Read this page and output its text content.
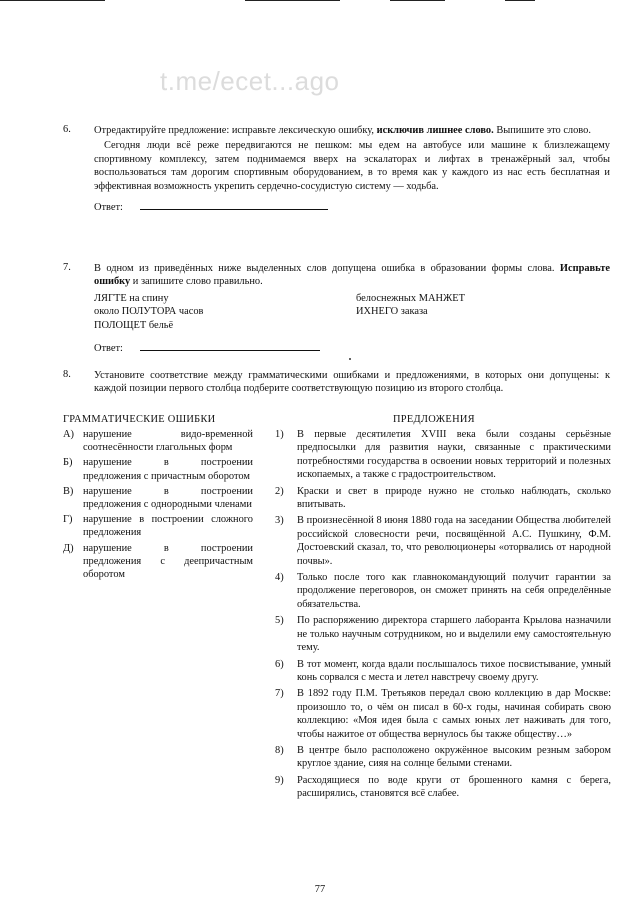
t.me/ecet...ago
6. Отредактируйте предложение: исправьте лексическую ошибку, исключив лишнее слово. Выпишите это слово.

Сегодня люди всё реже передвигаются не пешком: мы едем на автобусе или машине к близлежащему спортивному комплексу, затем поднимаемся вверх на эскалаторах и лифтах в тренажёрный зал, чтобы воспользоваться там дорогим спортивным оборудованием, в то время как у каждого из нас есть бесплатная и эффективная возможность укрепить сердечно-сосудистую систему — ходьба.

Ответ:
7. В одном из приведённых ниже выделенных слов допущена ошибка в образовании формы слова. Исправьте ошибку и запишите слово правильно.

ЛЯГТЕ на спину	белоснежных МАНЖЕТ
около ПОЛУТОРА часов	ИХНЕГО заказа
ПОЛОЩЕТ бельё
Ответ:
8. Установите соответствие между грамматическими ошибками и предложениями, в которых они допущены: к каждой позиции первого столбца подберите соответствующую позицию из второго столбца.

ГРАММАТИЧЕСКИЕ ОШИБКИ	ПРЕДЛОЖЕНИЯ
А) нарушение видо-временной соотнесённости глагольных форм
Б)	нарушение в построении предложения с причастным оборотом
В) нарушение в построении предложения с однородными членами
Г)	нарушение в построении сложного предложения
Д) нарушение в построении предложения с деепричастным оборотом
1)	В первые десятилетия XVIII века были созданы серьёзные предпосылки для развития науки, связанные с практическими потребностями государства в освоении новых территорий и полезных ископаемых, а также с градостроительством.
2)	Краски и свет в природе нужно не столько наблюдать, сколько впитывать.
3)	В произнесённой 8 июня 1880 года на заседании Общества любителей российской словесности речи, посвящённой А.С. Пушкину, Ф.М. Достоевский сказал, то, что революционеры «оторвались от народной почвы».
4)	Только после того как главнокомандующий получит гарантии за продолжение переговоров, он сможет принять на себя определённые обязательства.
5)	По распоряжению директора старшего лаборанта Крылова назначили не только научным сотрудником, но и выделили ему самостоятельную тему.
6)	В тот момент, когда вдали послышалось тихое посвистывание, умный конь сорвался с места и летел навстречу своему другу.
7)	В 1892 году П.М. Третьяков передал свою коллекцию в дар Москве: произошло то, о чём он писал в 60-х годы, начиная собирать свою коллекцию: «Моя идея была с самых юных лет наживать для того, чтобы нажитое от общества вернулось бы также обществу…»
8)	В центре было расположено окружённое высоким резным забором круглое здание, сияя на солнце белыми стенами.
9)	Расходящиеся по воде круги от брошенного камня с берега, расширялись, становятся всё слабее.
77
